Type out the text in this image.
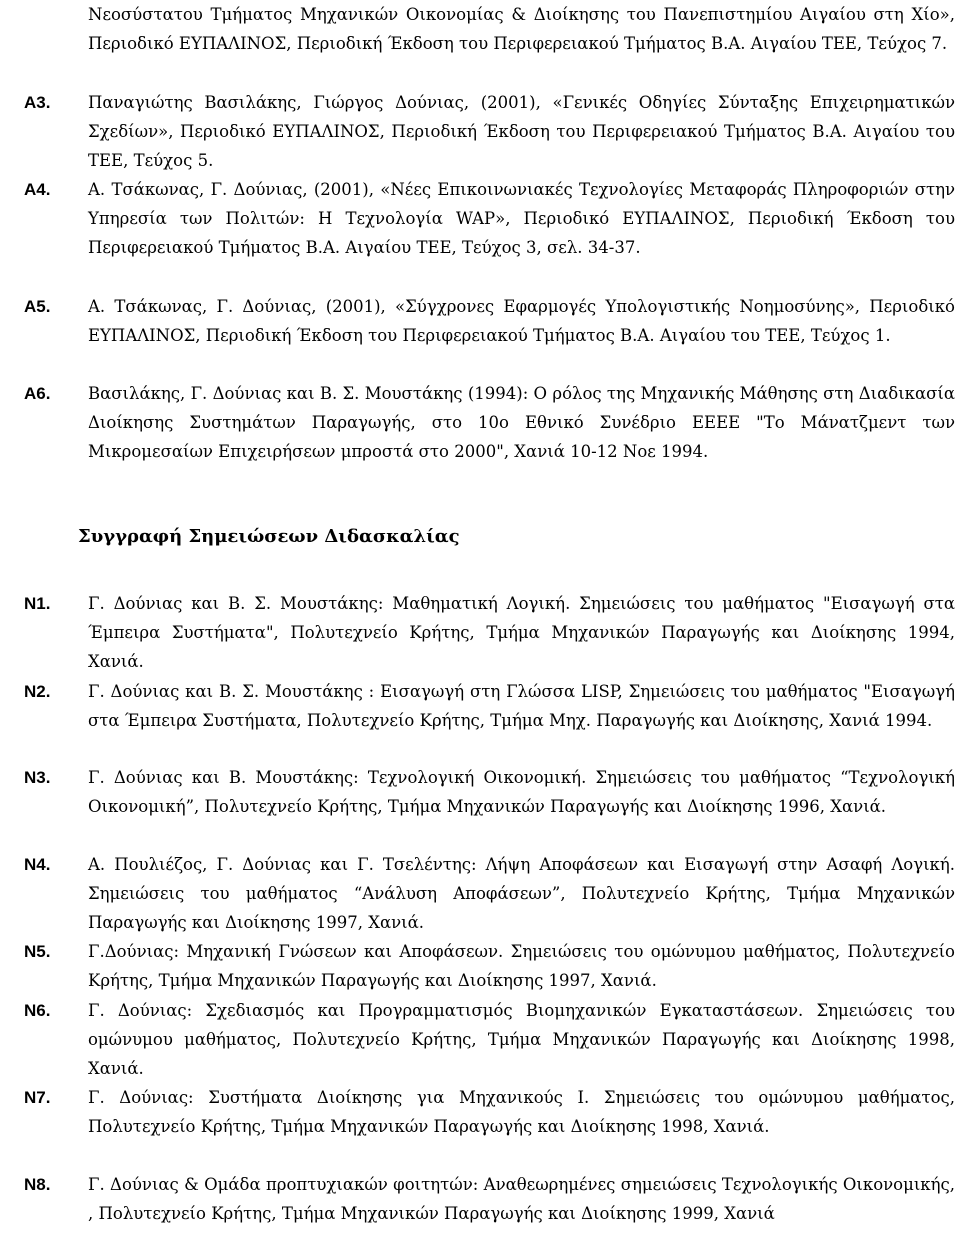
Νεοσύστατου Τμήματος Μηχανικών Οικονομίας & Διοίκησης του Πανεπιστημίου Αιγαίου στη Χίο», Περιοδικό ΕΥΠΑΛΙΝΟΣ, Περιοδική Έκδοση του Περιφερειακού Τμήματος Β.Α. Αιγαίου ΤΕΕ, Τεύχος 7.
Α3. Παναγιώτης Βασιλάκης, Γιώργος Δούνιας, (2001), «Γενικές Οδηγίες Σύνταξης Επιχειρηματικών Σχεδίων», Περιοδικό ΕΥΠΑΛΙΝΟΣ, Περιοδική Έκδοση του Περιφερειακού Τμήματος Β.Α. Αιγαίου του ΤΕΕ, Τεύχος 5.
Α4. Α. Τσάκωνας, Γ. Δούνιας, (2001), «Νέες Επικοινωνιακές Τεχνολογίες Μεταφοράς Πληροφοριών στην Υπηρεσία των Πολιτών: Η Τεχνολογία WAP», Περιοδικό ΕΥΠΑΛΙΝΟΣ, Περιοδική Έκδοση του Περιφερειακού Τμήματος Β.Α. Αιγαίου ΤΕΕ, Τεύχος 3, σελ. 34-37.
Α5. Α. Τσάκωνας, Γ. Δούνιας, (2001), «Σύγχρονες Εφαρμογές Υπολογιστικής Νοημοσύνης», Περιοδικό ΕΥΠΑΛΙΝΟΣ, Περιοδική Έκδοση του Περιφερειακού Τμήματος Β.Α. Αιγαίου του ΤΕΕ, Τεύχος 1.
Α6. Βασιλάκης, Γ. Δούνιας και Β. Σ. Μουστάκης (1994): Ο ρόλος της Μηχανικής Μάθησης στη Διαδικασία Διοίκησης Συστημάτων Παραγωγής, στο 10ο Εθνικό Συνέδριο ΕΕΕΕ "Το Μάνατζμεντ των Μικρομεσαίων Επιχειρήσεων μπροστά στο 2000", Χανιά 10-12 Νοε 1994.
Συγγραφή Σημειώσεων Διδασκαλίας
Ν1. Γ. Δούνιας και Β. Σ. Μουστάκης: Μαθηματική Λογική. Σημειώσεις του μαθήματος "Εισαγωγή στα Έμπειρα Συστήματα", Πολυτεχνείο Κρήτης, Τμήμα Μηχανικών Παραγωγής και Διοίκησης 1994, Χανιά.
Ν2. Γ. Δούνιας και Β. Σ. Μουστάκης : Εισαγωγή στη Γλώσσα LISP, Σημειώσεις του μαθήματος "Εισαγωγή στα Έμπειρα Συστήματα, Πολυτεχνείο Κρήτης, Τμήμα Μηχ. Παραγωγής και Διοίκησης, Χανιά 1994.
Ν3. Γ. Δούνιας και Β. Μουστάκης: Τεχνολογική Οικονομική. Σημειώσεις του μαθήματος “Τεχνολογική Οικονομική”, Πολυτεχνείο Κρήτης, Τμήμα Μηχανικών Παραγωγής και Διοίκησης 1996, Χανιά.
Ν4. Α. Πουλιέζος, Γ. Δούνιας και Γ. Τσελέντης: Λήψη Αποφάσεων και Εισαγωγή στην Ασαφή Λογική. Σημειώσεις του μαθήματος “Ανάλυση Αποφάσεων”, Πολυτεχνείο Κρήτης, Τμήμα Μηχανικών Παραγωγής και Διοίκησης 1997, Χανιά.
Ν5. Γ.Δούνιας: Μηχανική Γνώσεων και Αποφάσεων. Σημειώσεις του ομώνυμου μαθήματος, Πολυτεχνείο Κρήτης, Τμήμα Μηχανικών Παραγωγής και Διοίκησης 1997, Χανιά.
Ν6. Γ. Δούνιας: Σχεδιασμός και Προγραμματισμός Βιομηχανικών Εγκαταστάσεων. Σημειώσεις του ομώνυμου μαθήματος, Πολυτεχνείο Κρήτης, Τμήμα Μηχανικών Παραγωγής και Διοίκησης 1998, Χανιά.
Ν7. Γ. Δούνιας: Συστήματα Διοίκησης για Μηχανικούς Ι. Σημειώσεις του ομώνυμου μαθήματος, Πολυτεχνείο Κρήτης, Τμήμα Μηχανικών Παραγωγής και Διοίκησης 1998, Χανιά.
Ν8. Γ. Δούνιας & Ομάδα προπτυχιακών φοιτητών: Αναθεωρημένες σημειώσεις Τεχνολογικής Οικονομικής, , Πολυτεχνείο Κρήτης, Τμήμα Μηχανικών Παραγωγής και Διοίκησης 1999, Χανιά
